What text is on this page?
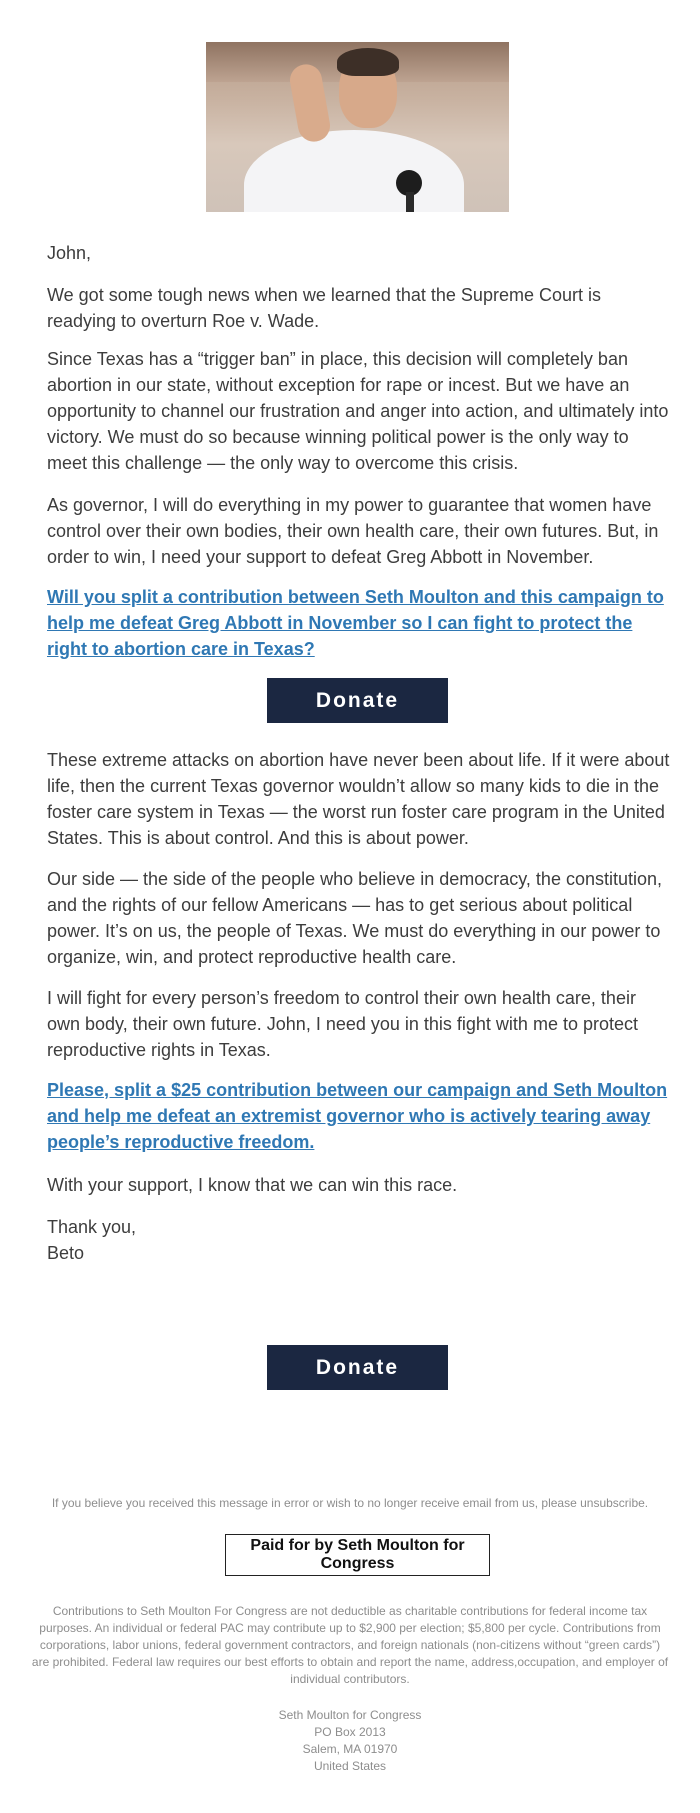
John,

We got some tough news when we learned that the Supreme Court is readying to overturn Roe v. Wade.

Since Texas has a “trigger ban” in place, this decision will completely ban abortion in our state, without exception for rape or incest. But we have an opportunity to channel our frustration and anger into action, and ultimately into victory. We must do so because winning political power is the only way to meet this challenge — the only way to overcome this crisis.

As governor, I will do everything in my power to guarantee that women have control over their own bodies, their own health care, their own futures. But, in order to win, I need your support to defeat Greg Abbott in November.

Will you split a contribution between Seth Moulton and this campaign to help me defeat Greg Abbott in November so I can fight to protect the right to abortion care in Texas?
Donate

These extreme attacks on abortion have never been about life. If it were about life, then the current Texas governor wouldn’t allow so many kids to die in the foster care system in Texas — the worst run foster care program in the United States. This is about control. And this is about power.

Our side — the side of the people who believe in democracy, the constitution, and the rights of our fellow Americans — has to get serious about political power. It’s on us, the people of Texas. We must do everything in our power to organize, win, and protect reproductive health care.

I will fight for every person’s freedom to control their own health care, their own body, their own future. John, I need you in this fight with me to protect reproductive rights in Texas.

Please, split a $25 contribution between our campaign and Seth Moulton and help me defeat an extremist governor who is actively tearing away people’s reproductive freedom.

With your support, I know that we can win this race.

Thank you,

Beto

Donate

If you believe you received this message in error or wish to no longer receive email from us, please unsubscribe.

Paid for by Seth Moulton for Congress

Contributions to Seth Moulton For Congress are not deductible as charitable contributions for federal income tax purposes. An individual or federal PAC may contribute up to $2,900 per election; $5,800 per cycle. Contributions from corporations, labor unions, federal government contractors, and foreign nationals (non-citizens without “green cards”) are prohibited. Federal law requires our best efforts to obtain and report the name, address,occupation, and employer of individual contributors.

Seth Moulton for Congress

PO Box 2013

Salem, MA 01970

United States
